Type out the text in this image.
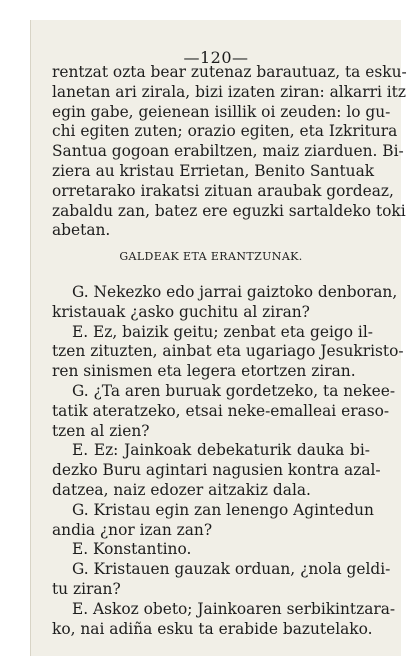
—120—
rentzat ozta bear zutenaz barautuaz, ta esku-
lanetan ari zirala, bizi izaten ziran: alkarri itz
egin gabe, geienean isillik oi zeuden: lo gu-
chi egiten zuten; orazio egiten, eta Izkritura
Santua gogoan erabiltzen, maiz ziarduen. Bi-
ziera au kristau Errietan, Benito Santuak
orretarako irakatsi zituan araubak gordeaz,
zabaldu zan, batez ere eguzki sartaldeko toki
abetan.
GALDEAK ETA ERANTZUNAK.
G. Nekezko edo jarrai gaiztoko denboran,
kristauak ¿asko guchitu al ziran?
E. Ez, baizik geitu; zenbat eta geigo il-
tzen zituzten, ainbat eta ugariago Jesukristo-
ren sinismen eta legera etortzen ziran.
G. ¿Ta aren buruak gordetzeko, ta nekee-
tatik ateratzeko, etsai neke-emalleai eraso-
tzen al zien?
E. Ez: Jainkoak debekaturik dauka bi-
dezko Buru agintari nagusien kontra azal-
datzea, naiz edozer aitzakiz dala.
G. Kristau egin zan lenengo Agintedun
andia ¿nor izan zan?
E. Konstantino.
G. Kristauen gauzak orduan, ¿nola geldi-
tu ziran?
E. Askoz obeto; Jainkoaren serbikintzara-
ko, nai adiña esku ta erabide bazutelako.
